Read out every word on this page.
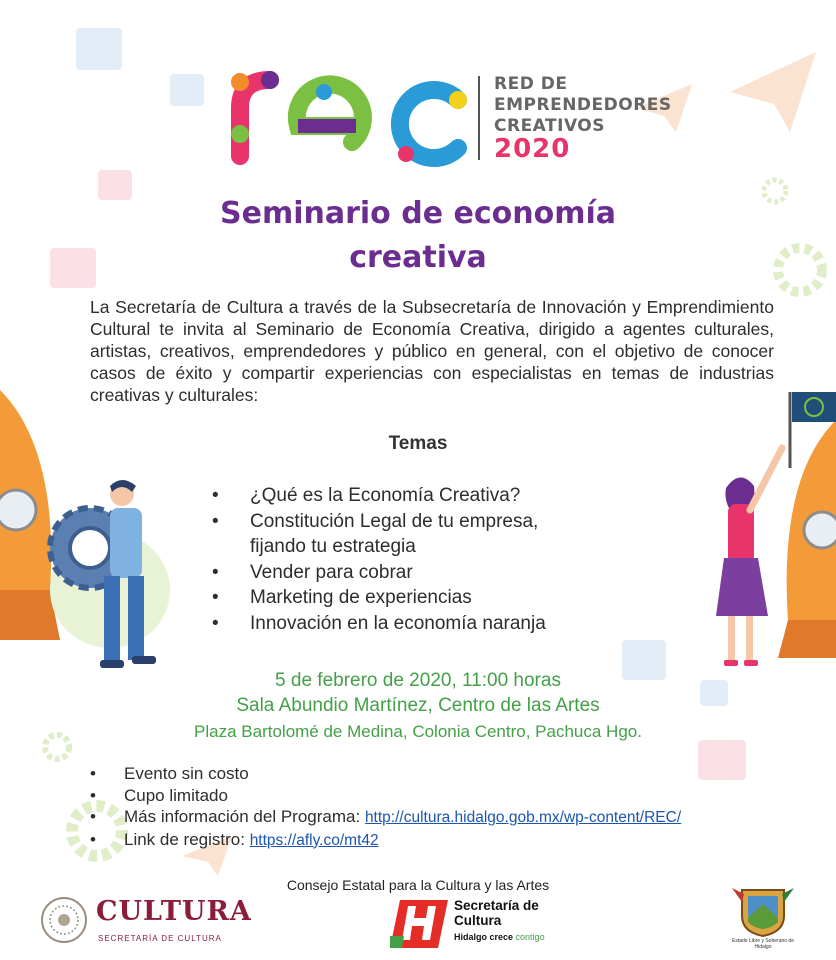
RED DE
EMPRENDEDORES
CREATIVOS
2020
Seminario de economía
creativa
La Secretaría de Cultura a través de la Subsecretaría de Innovación y Emprendimiento Cultural te invita al Seminario de Economía Creativa, dirigido a agentes culturales, artistas, creativos, emprendedores y público en general, con el objetivo de conocer casos de éxito y compartir experiencias con especialistas en temas de industrias creativas y culturales:
Temas
• ¿Qué es la Economía Creativa?
• Constitución Legal de tu empresa,
fijando tu estrategia
• Vender para cobrar
• Marketing de experiencias
• Innovación en la economía naranja
5 de febrero de 2020, 11:00 horas
Sala Abundio Martínez, Centro de las Artes
Plaza Bartolomé de Medina, Colonia Centro, Pachuca Hgo.
• Evento sin costo
• Cupo limitado
• Más información del Programa: http://cultura.hidalgo.gob.mx/wp-content/REC/
• Link de registro: https://afly.co/mt42
Consejo Estatal para la Cultura y las Artes
CULTURA
SECRETARÍA DE CULTURA
Secretaría de
Cultura
Hidalgo crece contigo	Estado Libre y Soberano de Hidalgo
